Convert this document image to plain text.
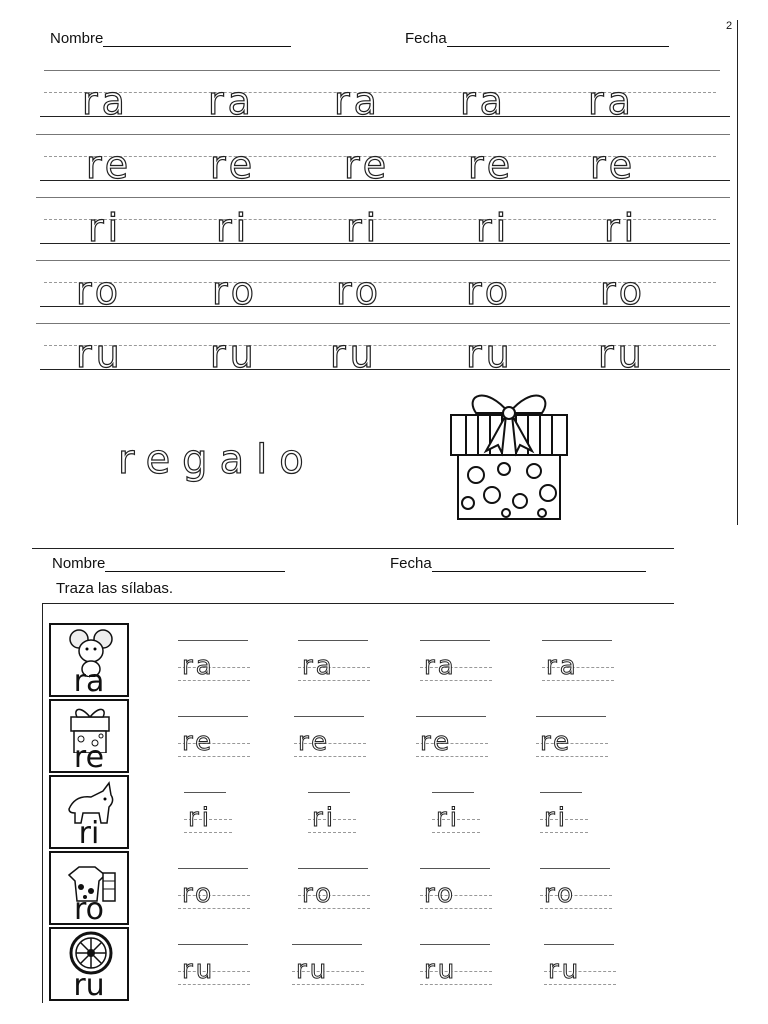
Nombre	Fecha
2
ra ra ra ra ra
re re re re re
ri ri	ri	ri ri
ro ro ro ro ro
ru ru ru ru ru
regalo
Nombre	Fecha
Traza las sílabas.
ra	ra	ra	ra	ra
re	re	re	re	re
ri	ri	ri	ri	ri
ro	ro	ro	ro	ro
ru	ru	ru	ru	ru
